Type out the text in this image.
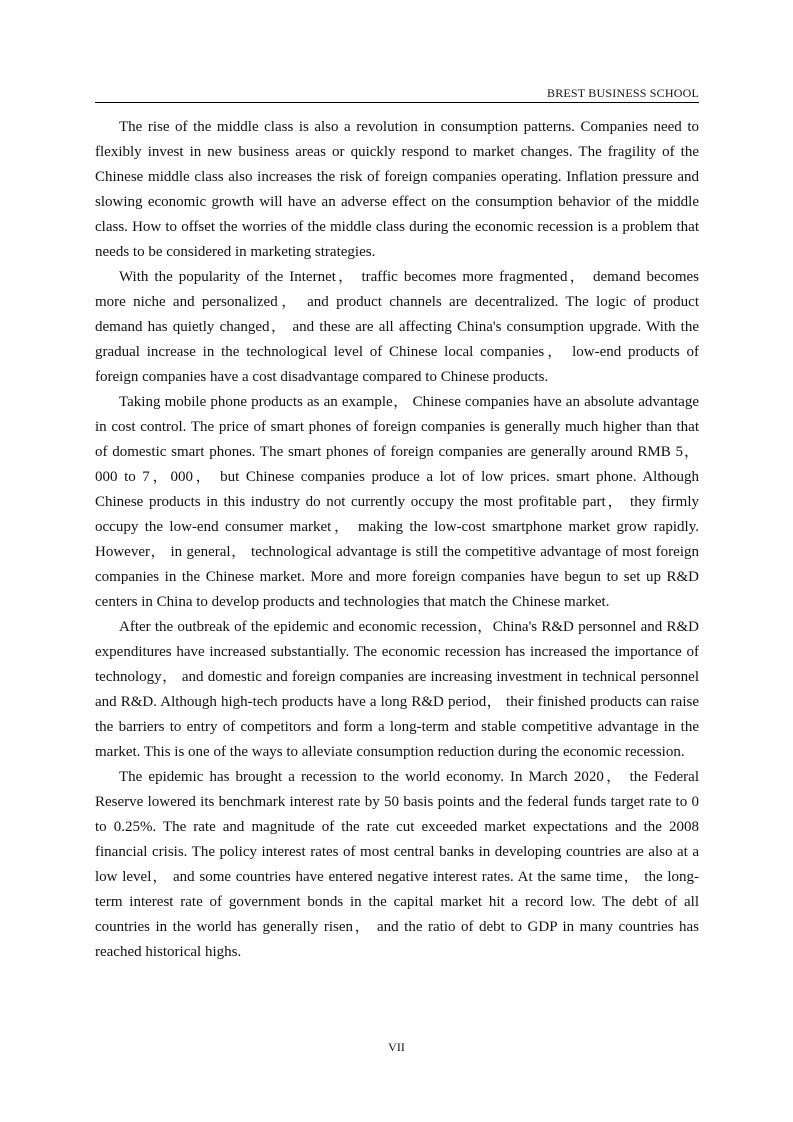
BREST BUSINESS SCHOOL

The rise of the middle class is also a revolution in consumption patterns. Companies need to flexibly invest in new business areas or quickly respond to market changes. The fragility of the Chinese middle class also increases the risk of foreign companies operating. Inflation pressure and slowing economic growth will have an adverse effect on the consumption behavior of the middle class. How to offset the worries of the middle class during the economic recession is a problem that needs to be considered in marketing strategies.

With the popularity of the Internet， traffic becomes more fragmented， demand becomes more niche and personalized， and product channels are decentralized. The logic of product demand has quietly changed， and these are all affecting China's consumption upgrade. With the gradual increase in the technological level of Chinese local companies， low-end products of foreign companies have a cost disadvantage compared to Chinese products.

Taking mobile phone products as an example， Chinese companies have an absolute advantage in cost control. The price of smart phones of foreign companies is generally much higher than that of domestic smart phones. The smart phones of foreign companies are generally around RMB 5，000 to 7，000， but Chinese companies produce a lot of low prices. smart phone. Although Chinese products in this industry do not currently occupy the most profitable part， they firmly occupy the low-end consumer market， making the low-cost smartphone market grow rapidly. However， in general， technological advantage is still the competitive advantage of most foreign companies in the Chinese market. More and more foreign companies have begun to set up R&D centers in China to develop products and technologies that match the Chinese market.

After the outbreak of the epidemic and economic recession，China's R&D personnel and R&D expenditures have increased substantially. The economic recession has increased the importance of technology， and domestic and foreign companies are increasing investment in technical personnel and R&D. Although high-tech products have a long R&D period， their finished products can raise the barriers to entry of competitors and form a long-term and stable competitive advantage in the market. This is one of the ways to alleviate consumption reduction during the economic recession.

The epidemic has brought a recession to the world economy. In March 2020， the Federal Reserve lowered its benchmark interest rate by 50 basis points and the federal funds target rate to 0 to 0.25%. The rate and magnitude of the rate cut exceeded market expectations and the 2008 financial crisis. The policy interest rates of most central banks in developing countries are also at a low level， and some countries have entered negative interest rates. At the same time， the long-term interest rate of government bonds in the capital market hit a record low. The debt of all countries in the world has generally risen， and the ratio of debt to GDP in many countries has reached historical highs.

VII
